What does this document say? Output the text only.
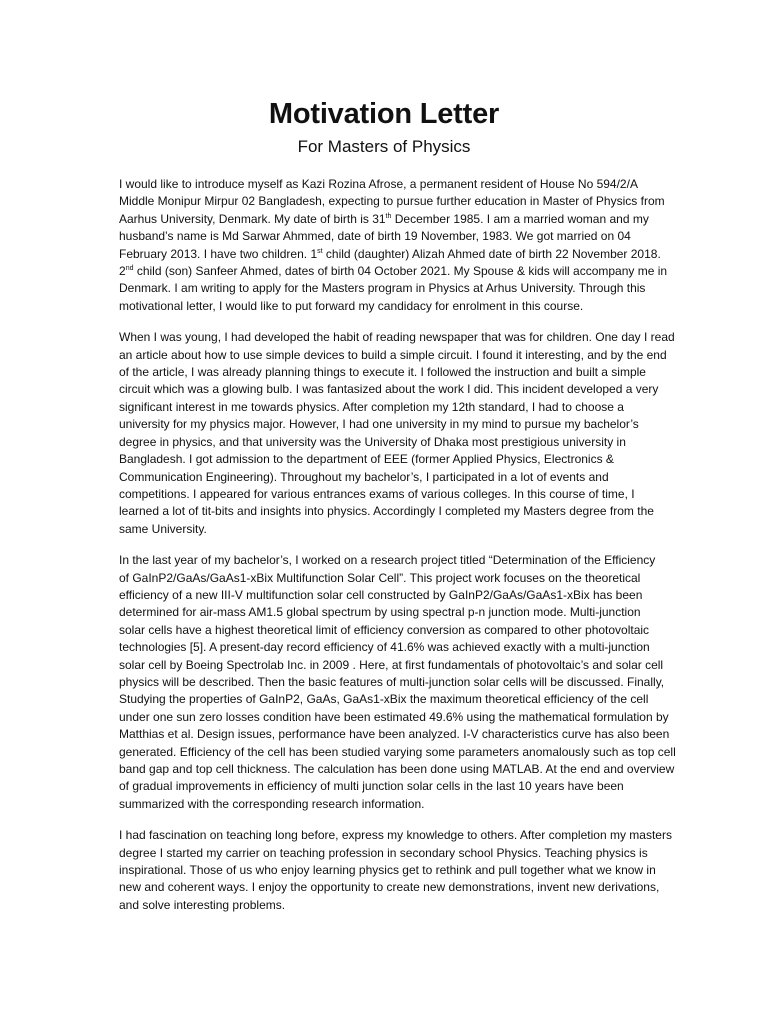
Motivation Letter
For Masters of Physics
I would like to introduce myself as Kazi Rozina Afrose, a permanent resident of House No 594/2/A
Middle Monipur Mirpur 02 Bangladesh, expecting to pursue further education in Master of Physics from
Aarhus University, Denmark. My date of birth is 31th December 1985. I am a married woman and my
husband’s name is Md Sarwar Ahmmed, date of birth 19 November, 1983. We got married on 04
February 2013. I have two children. 1st child (daughter) Alizah Ahmed date of birth 22 November 2018.
2nd child (son) Sanfeer Ahmed, dates of birth 04 October 2021. My Spouse & kids will accompany me in
Denmark. I am writing to apply for the Masters program in Physics at Arhus University. Through this
motivational letter, I would like to put forward my candidacy for enrolment in this course.
When I was young, I had developed the habit of reading newspaper that was for children. One day I read
an article about how to use simple devices to build a simple circuit. I found it interesting, and by the end
of the article, I was already planning things to execute it. I followed the instruction and built a simple
circuit which was a glowing bulb. I was fantasized about the work I did. This incident developed a very
significant interest in me towards physics. After completion my 12th standard, I had to choose a
university for my physics major. However, I had one university in my mind to pursue my bachelor’s
degree in physics, and that university was the University of Dhaka most prestigious university in
Bangladesh. I got admission to the department of EEE (former Applied Physics, Electronics &
Communication Engineering). Throughout my bachelor’s, I participated in a lot of events and
competitions. I appeared for various entrances exams of various colleges. In this course of time, I
learned a lot of tit-bits and insights into physics. Accordingly I completed my Masters degree from the
same University.
In the last year of my bachelor’s, I worked on a research project titled “Determination of the Efficiency
of GaInP2/GaAs/GaAs1-xBix Multifunction Solar Cell”. This project work focuses on the theoretical
efficiency of a new III-V multifunction solar cell constructed by GaInP2/GaAs/GaAs1-xBix has been
determined for air-mass AM1.5 global spectrum by using spectral p-n junction mode. Multi-junction
solar cells have a highest theoretical limit of efficiency conversion as compared to other photovoltaic
technologies [5]. A present-day record efficiency of 41.6% was achieved exactly with a multi-junction
solar cell by Boeing Spectrolab Inc. in 2009 . Here, at first fundamentals of photovoltaic’s and solar cell
physics will be described. Then the basic features of multi-junction solar cells will be discussed. Finally,
Studying the properties of GaInP2, GaAs, GaAs1-xBix the maximum theoretical efficiency of the cell
under one sun zero losses condition have been estimated 49.6% using the mathematical formulation by
Matthias et al. Design issues, performance have been analyzed. I-V characteristics curve has also been
generated. Efficiency of the cell has been studied varying some parameters anomalously such as top cell
band gap and top cell thickness. The calculation has been done using MATLAB. At the end and overview
of gradual improvements in efficiency of multi junction solar cells in the last 10 years have been
summarized with the corresponding research information.
I had fascination on teaching long before, express my knowledge to others. After completion my masters
degree I started my carrier on teaching profession in secondary school Physics. Teaching physics is
inspirational. Those of us who enjoy learning physics get to rethink and pull together what we know in
new and coherent ways. I enjoy the opportunity to create new demonstrations, invent new derivations,
and solve interesting problems.
